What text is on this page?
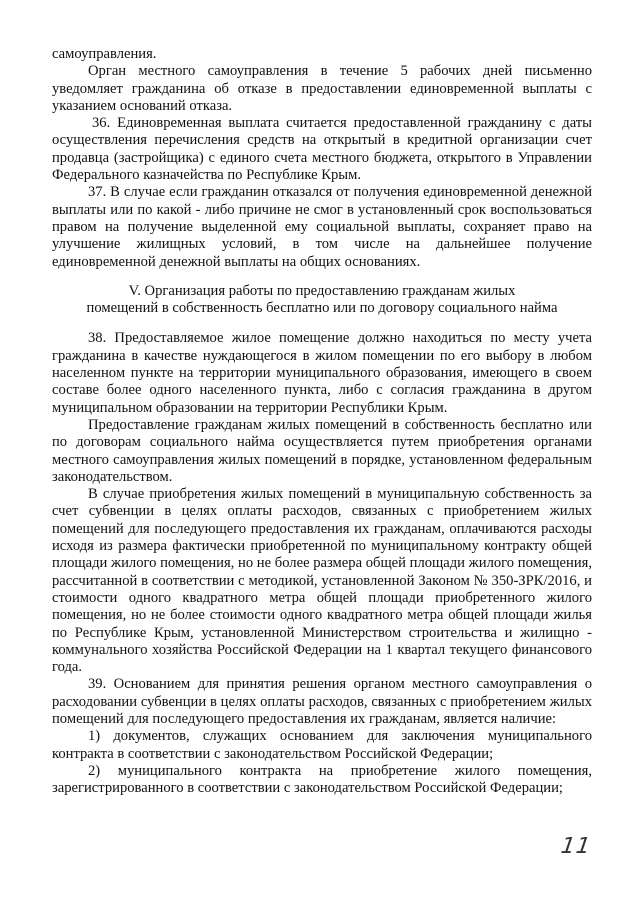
самоуправления.

Орган местного самоуправления в течение 5 рабочих дней письменно уведомляет гражданина об отказе в предоставлении единовременной выплаты с указанием оснований отказа.

36. Единовременная выплата считается предоставленной гражданину с даты осуществления перечисления средств на открытый в кредитной организации счет продавца (застройщика) с единого счета местного бюджета, открытого в Управлении Федерального казначейства по Республике Крым.

37. В случае если гражданин отказался от получения единовременной денежной выплаты или по какой - либо причине не смог в установленный срок воспользоваться правом на получение выделенной ему социальной выплаты, сохраняет право на улучшение жилищных условий, в том числе на дальнейшее получение единовременной денежной выплаты на общих основаниях.

V. Организация работы по предоставлению гражданам жилых
помещений в собственность бесплатно или по договору социального найма

38. Предоставляемое жилое помещение должно находиться по месту учета гражданина в качестве нуждающегося в жилом помещении по его выбору в любом населенном пункте на территории муниципального образования, имеющего в своем составе более одного населенного пункта, либо с согласия гражданина в другом муниципальном образовании на территории Республики Крым.

Предоставление гражданам жилых помещений в собственность бесплатно или по договорам социального найма осуществляется путем приобретения органами местного самоуправления жилых помещений в порядке, установленном федеральным законодательством.

В случае приобретения жилых помещений в муниципальную собственность за счет субвенции в целях оплаты расходов, связанных с приобретением жилых помещений для последующего предоставления их гражданам, оплачиваются расходы исходя из размера фактически приобретенной по муниципальному контракту общей площади жилого помещения, но не более размера общей площади жилого помещения, рассчитанной в соответствии с методикой, установленной Законом № 350-ЗРК/2016, и стоимости одного квадратного метра общей площади приобретенного жилого помещения, но не более стоимости одного квадратного метра общей площади жилья по Республике Крым, установленной Министерством строительства и жилищно - коммунального хозяйства Российской Федерации на 1 квартал текущего финансового года.

39. Основанием для принятия решения органом местного самоуправления о расходовании субвенции в целях оплаты расходов, связанных с приобретением жилых помещений для последующего предоставления их гражданам, является наличие:

1) документов, служащих основанием для заключения муниципального контракта в соответствии с законодательством Российской Федерации;

2) муниципального контракта на приобретение жилого помещения, зарегистрированного в соответствии с законодательством Российской Федерации;

11
